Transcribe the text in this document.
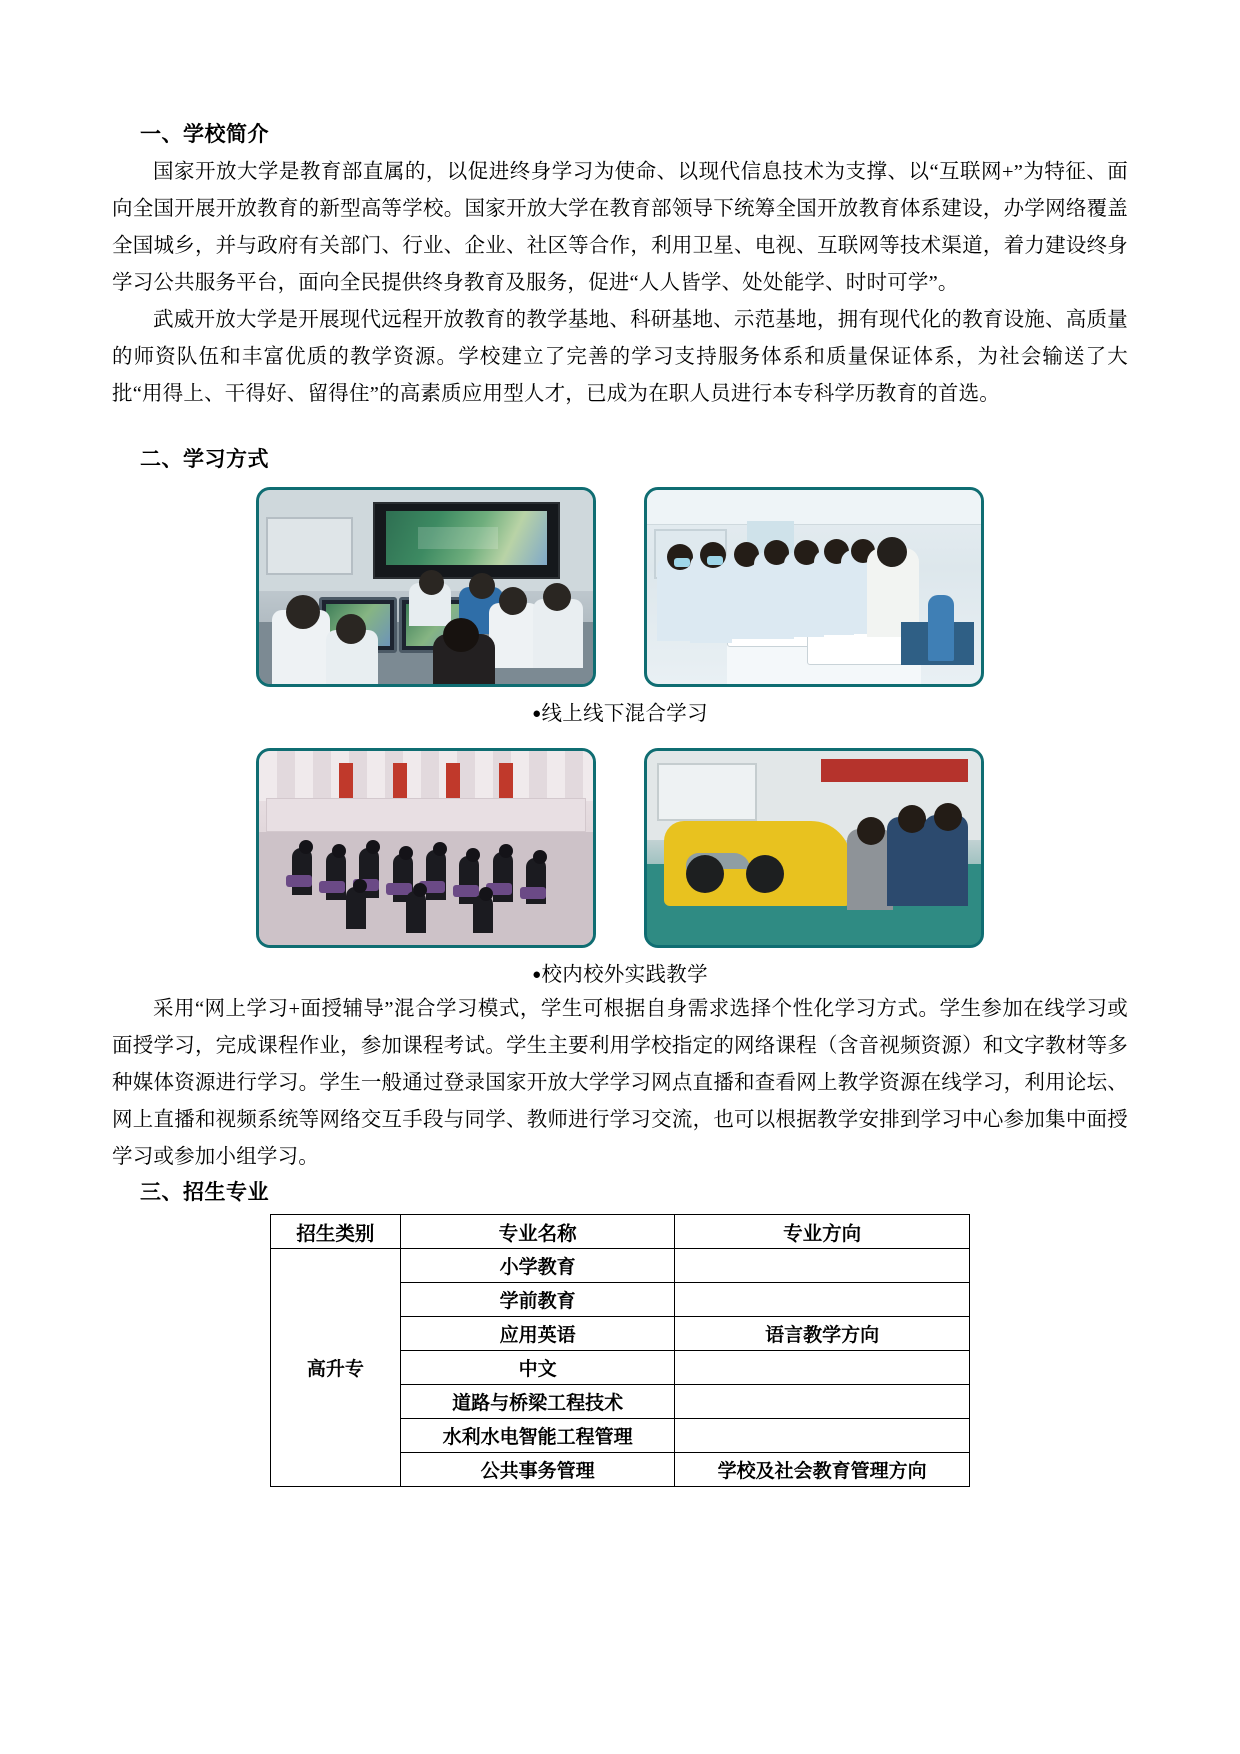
一、学校简介

国家开放大学是教育部直属的，以促进终身学习为使命、以现代信息技术为支撑、以“互联网+”为特征、面向全国开展开放教育的新型高等学校。国家开放大学在教育部领导下统筹全国开放教育体系建设，办学网络覆盖全国城乡，并与政府有关部门、行业、企业、社区等合作，利用卫星、电视、互联网等技术渠道，着力建设终身学习公共服务平台，面向全民提供终身教育及服务，促进“人人皆学、处处能学、时时可学”。

武威开放大学是开展现代远程开放教育的教学基地、科研基地、示范基地，拥有现代化的教育设施、高质量的师资队伍和丰富优质的教学资源。学校建立了完善的学习支持服务体系和质量保证体系，为社会输送了大批“用得上、干得好、留得住”的高素质应用型人才，已成为在职人员进行本专科学历教育的首选。

二、学习方式
●线上线下混合学习
●校内校外实践教学

采用“网上学习+面授辅导”混合学习模式，学生可根据自身需求选择个性化学习方式。学生参加在线学习或面授学习，完成课程作业，参加课程考试。学生主要利用学校指定的网络课程（含音视频资源）和文字教材等多种媒体资源进行学习。学生一般通过登录国家开放大学学习网点直播和查看网上教学资源在线学习，利用论坛、网上直播和视频系统等网络交互手段与同学、教师进行学习交流，也可以根据教学安排到学习中心参加集中面授学习或参加小组学习。

三、招生专业
招生类别	专业名称	专业方向
高升专	小学教育	
	学前教育	
	应用英语	语言教学方向
	中文	
	道路与桥梁工程技术	
	水利水电智能工程管理	
	公共事务管理	学校及社会教育管理方向
